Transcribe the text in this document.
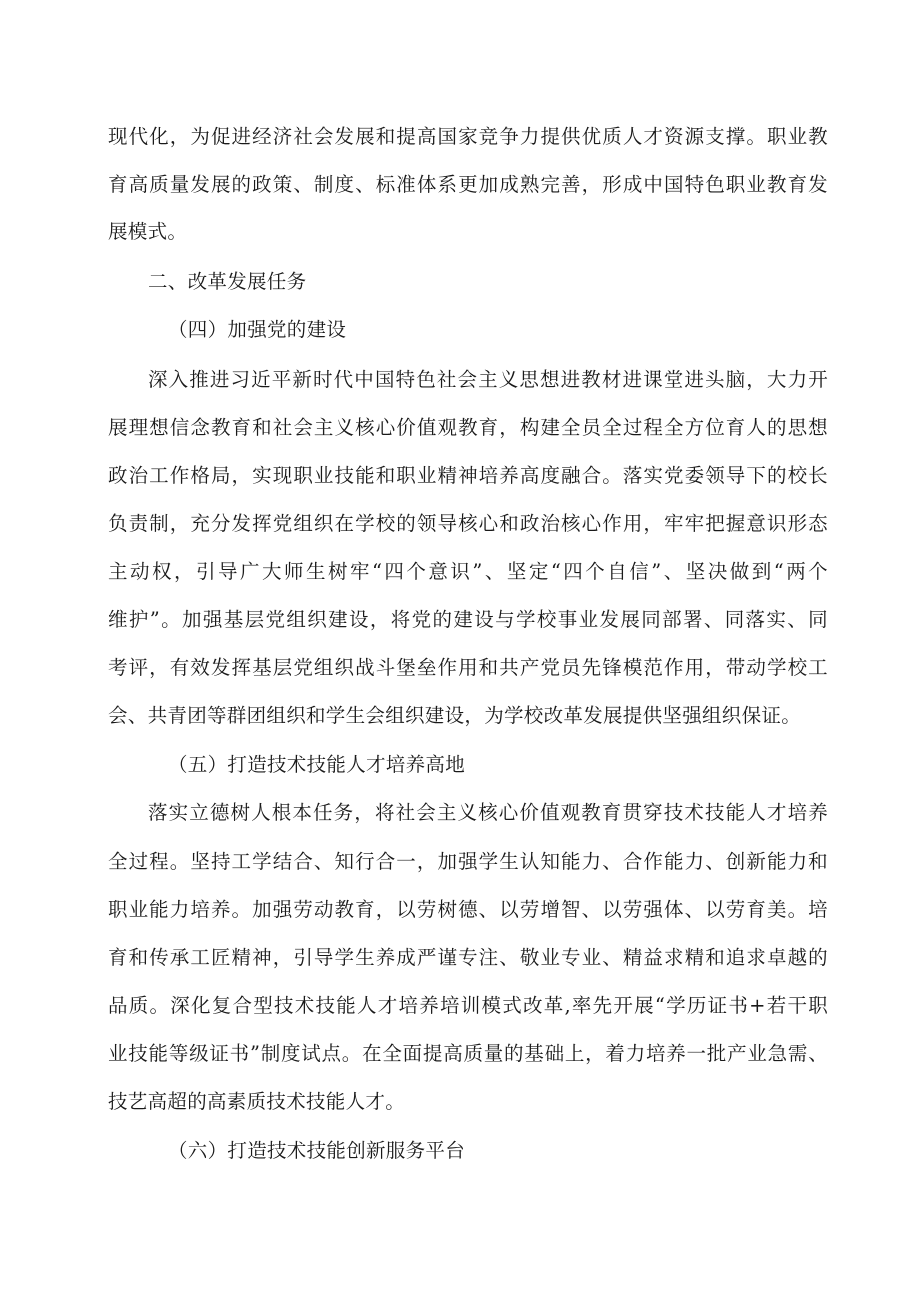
现代化，为促进经济社会发展和提高国家竞争力提供优质人才资源支撑。职业教
育高质量发展的政策、制度、标准体系更加成熟完善，形成中国特色职业教育发
展模式。
二、改革发展任务
（四）加强党的建设
深入推进习近平新时代中国特色社会主义思想进教材进课堂进头脑，大力开
展理想信念教育和社会主义核心价值观教育，构建全员全过程全方位育人的思想
政治工作格局，实现职业技能和职业精神培养高度融合。落实党委领导下的校长
负责制，充分发挥党组织在学校的领导核心和政治核心作用，牢牢把握意识形态
主动权，引导广大师生树牢“四个意识”、坚定“四个自信”、坚决做到“两个
维护”。加强基层党组织建设，将党的建设与学校事业发展同部署、同落实、同
考评，有效发挥基层党组织战斗堡垒作用和共产党员先锋模范作用，带动学校工
会、共青团等群团组织和学生会组织建设，为学校改革发展提供坚强组织保证。
（五）打造技术技能人才培养高地
落实立德树人根本任务，将社会主义核心价值观教育贯穿技术技能人才培养
全过程。坚持工学结合、知行合一，加强学生认知能力、合作能力、创新能力和
职业能力培养。加强劳动教育，以劳树德、以劳增智、以劳强体、以劳育美。培
育和传承工匠精神，引导学生养成严谨专注、敬业专业、精益求精和追求卓越的
品质。深化复合型技术技能人才培养培训模式改革,率先开展“学历证书+若干职
业技能等级证书”制度试点。在全面提高质量的基础上，着力培养一批产业急需、
技艺高超的高素质技术技能人才。
（六）打造技术技能创新服务平台
